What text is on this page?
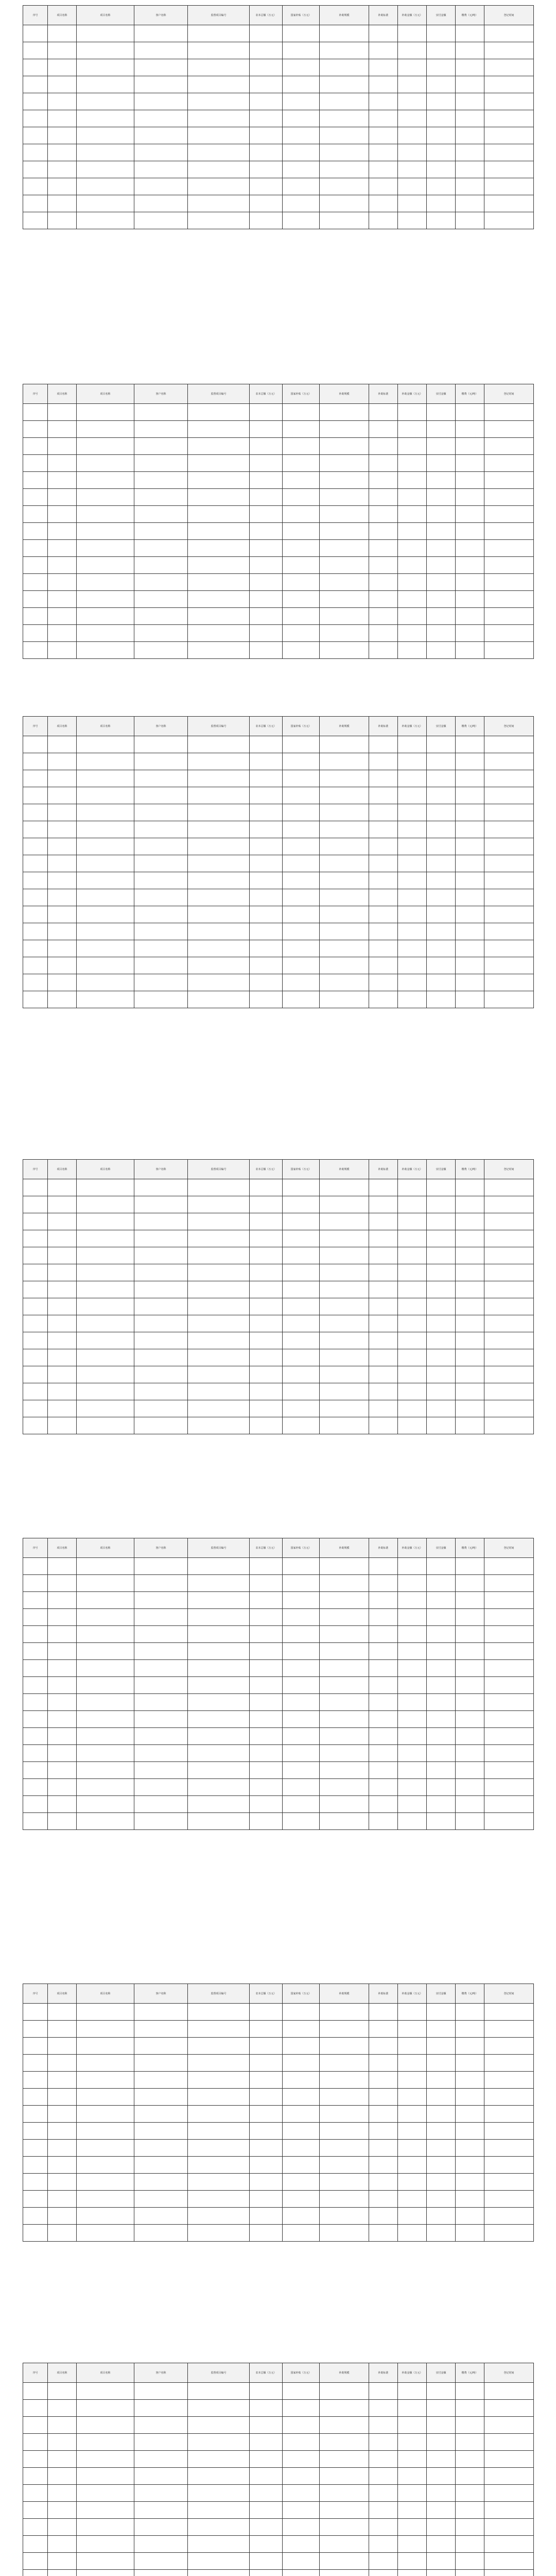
序号	项目名称	项目名称	客户名称	监督项目编号	农本总额（万元）	国家补贴（万元）	补助规模	补助标准	补助金额（万元）	实付金额	缴费（元/吨）	登记时间

序号	项目名称	项目名称	客户名称	监督项目编号	农本总额（万元）	国家补贴（万元）	补助规模	补助标准	补助金额（万元）	实付金额	缴费（元/吨）	登记时间

序号	项目名称	项目名称	客户名称	监督项目编号	农本总额（万元）	国家补贴（万元）	补助规模	补助标准	补助金额（万元）	实付金额	缴费（元/吨）	登记时间

序号	项目名称	项目名称	客户名称	监督项目编号	农本总额（万元）	国家补贴（万元）	补助规模	补助标准	补助金额（万元）	实付金额	缴费（元/吨）	登记时间

序号	项目名称	项目名称	客户名称	监督项目编号	农本总额（万元）	国家补贴（万元）	补助规模	补助标准	补助金额（万元）	实付金额	缴费（元/吨）	登记时间

序号	项目名称	项目名称	客户名称	监督项目编号	农本总额（万元）	国家补贴（万元）	补助规模	补助标准	补助金额（万元）	实付金额	缴费（元/吨）	登记时间

序号	项目名称	项目名称	客户名称	监督项目编号	农本总额（万元）	国家补贴（万元）	补助规模	补助标准	补助金额（万元）	实付金额	缴费（元/吨）	登记时间
